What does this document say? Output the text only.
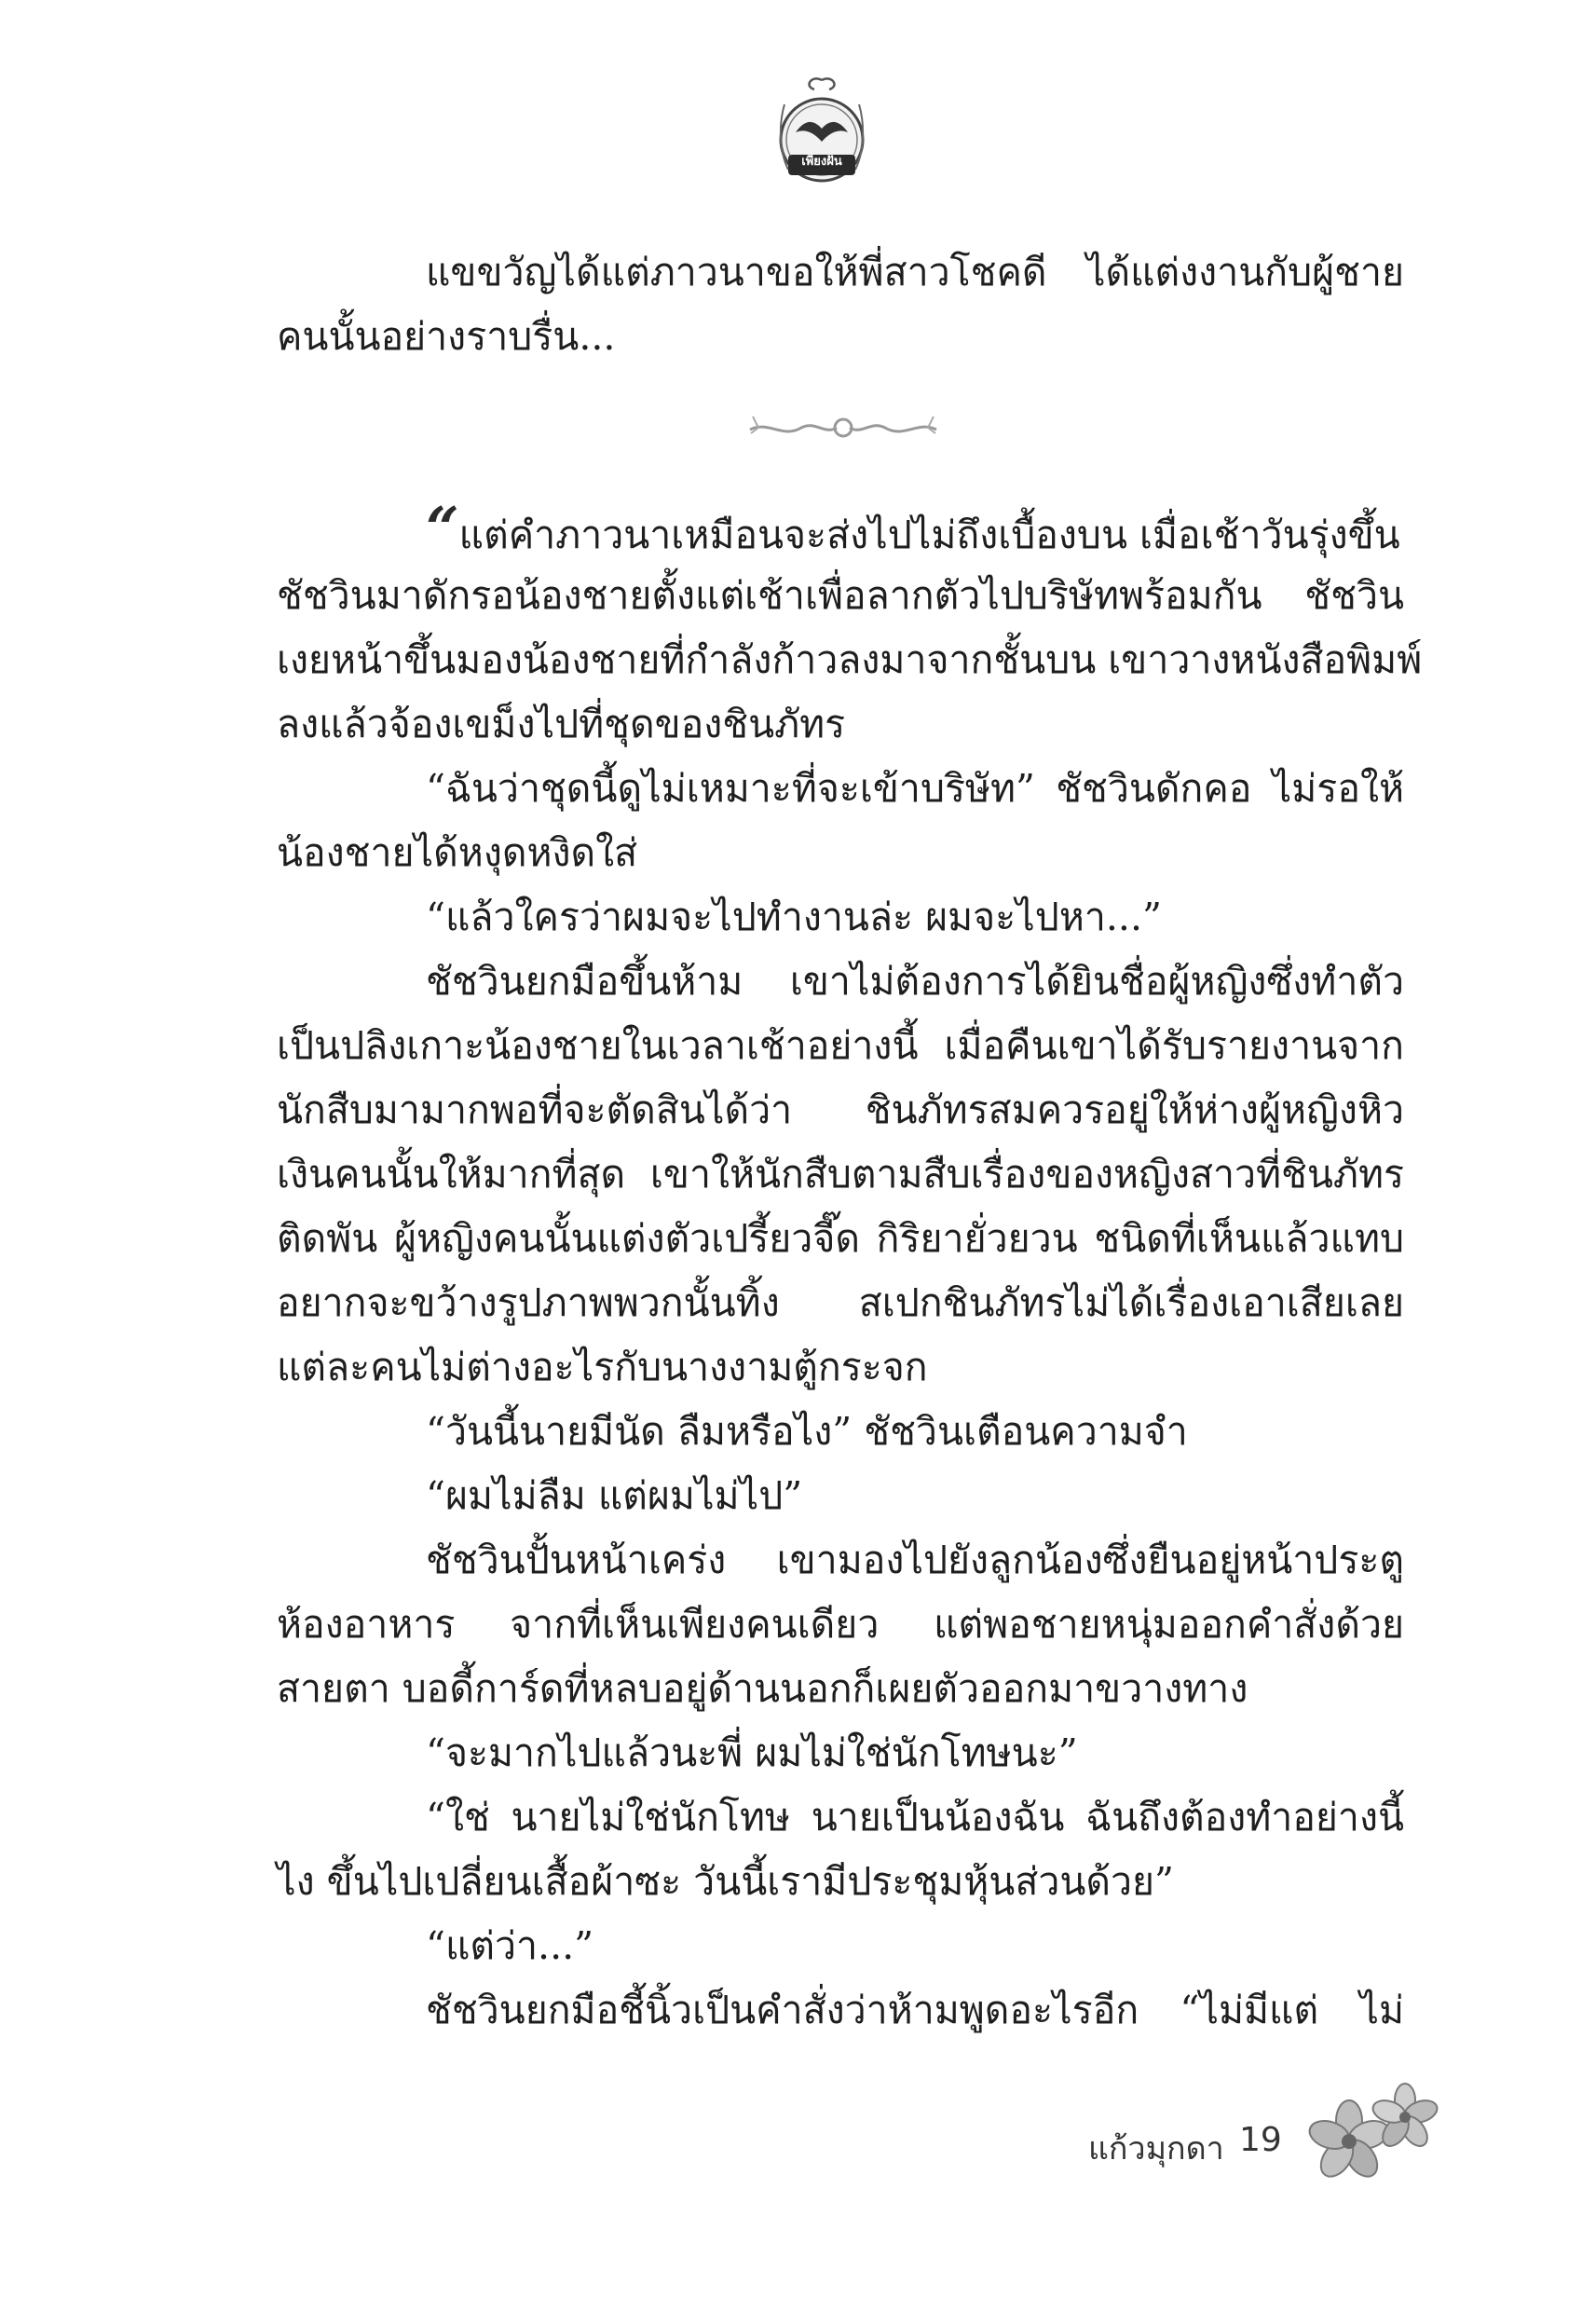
เพียงฝัน
แขขวัญได้แต่ภาวนาขอให้พี่สาวโชคดี ได้แต่งงานกับผู้ชาย
คนนั้นอย่างราบรื่น...
“แต่คำภาวนาเหมือนจะส่งไปไม่ถึงเบื้องบน เมื่อเช้าวันรุ่งขึ้น
ชัชวินมาดักรอน้องชายตั้งแต่เช้าเพื่อลากตัวไปบริษัทพร้อมกัน ชัชวิน
เงยหน้าขึ้นมองน้องชายที่กำลังก้าวลงมาจากชั้นบน เขาวางหนังสือพิมพ์
ลงแล้วจ้องเขม็งไปที่ชุดของชินภัทร
“ฉันว่าชุดนี้ดูไม่เหมาะที่จะเข้าบริษัท” ชัชวินดักคอ ไม่รอให้
น้องชายได้หงุดหงิดใส่
“แล้วใครว่าผมจะไปทำงานล่ะ ผมจะไปหา...”
ชัชวินยกมือขึ้นห้าม เขาไม่ต้องการได้ยินชื่อผู้หญิงซึ่งทำตัว
เป็นปลิงเกาะน้องชายในเวลาเช้าอย่างนี้ เมื่อคืนเขาได้รับรายงานจาก
นักสืบมามากพอที่จะตัดสินได้ว่า ชินภัทรสมควรอยู่ให้ห่างผู้หญิงหิว
เงินคนนั้นให้มากที่สุด เขาให้นักสืบตามสืบเรื่องของหญิงสาวที่ชินภัทร
ติดพัน ผู้หญิงคนนั้นแต่งตัวเปรี้ยวจี๊ด กิริยายั่วยวน ชนิดที่เห็นแล้วแทบ
อยากจะขว้างรูปภาพพวกนั้นทิ้ง สเปกชินภัทรไม่ได้เรื่องเอาเสียเลย
แต่ละคนไม่ต่างอะไรกับนางงามตู้กระจก
“วันนี้นายมีนัด ลืมหรือไง” ชัชวินเตือนความจำ
“ผมไม่ลืม แต่ผมไม่ไป”
ชัชวินปั้นหน้าเคร่ง เขามองไปยังลูกน้องซึ่งยืนอยู่หน้าประตู
ห้องอาหาร จากที่เห็นเพียงคนเดียว แต่พอชายหนุ่มออกคำสั่งด้วย
สายตา บอดี้การ์ดที่หลบอยู่ด้านนอกก็เผยตัวออกมาขวางทาง
“จะมากไปแล้วนะพี่ ผมไม่ใช่นักโทษนะ”
“ใช่ นายไม่ใช่นักโทษ นายเป็นน้องฉัน ฉันถึงต้องทำอย่างนี้
ไง ขึ้นไปเปลี่ยนเสื้อผ้าซะ วันนี้เรามีประชุมหุ้นส่วนด้วย”
“แต่ว่า...”
ชัชวินยกมือชี้นิ้วเป็นคำสั่งว่าห้ามพูดอะไรอีก “ไม่มีแต่ ไม่
แก้วมุกดา 19
